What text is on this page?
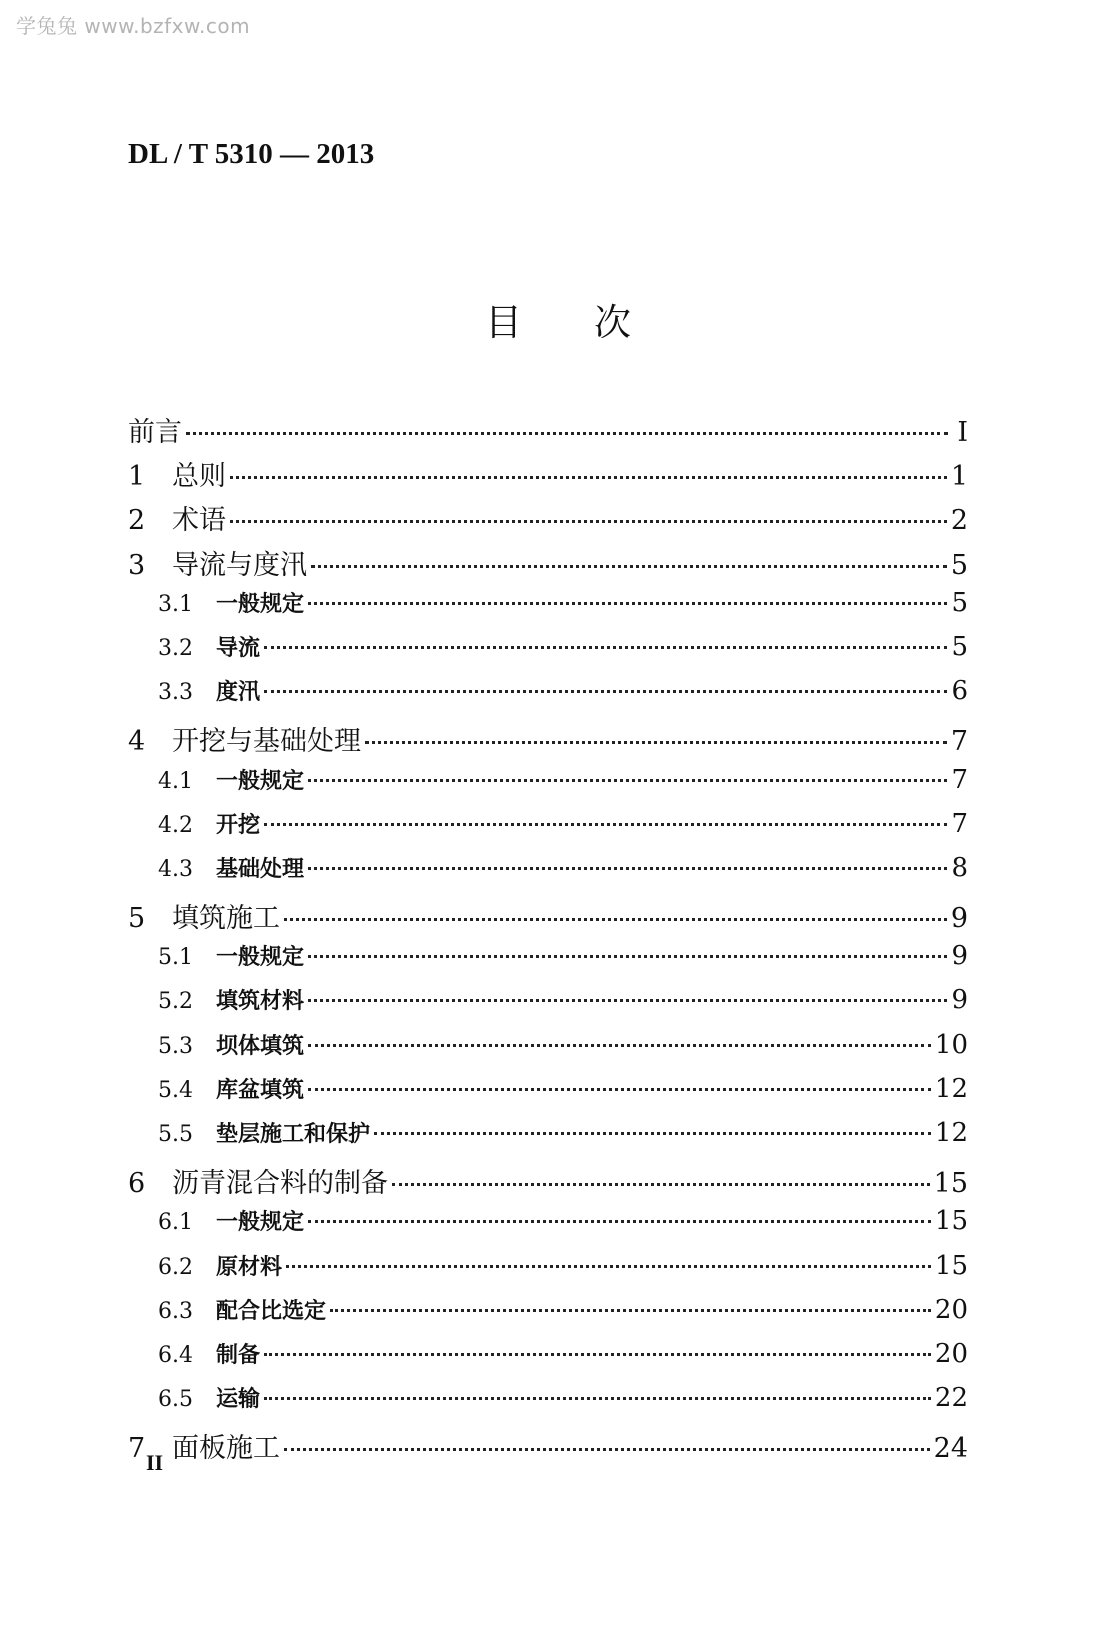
学兔兔 www.bzfxw.com
DL / T 5310 — 2013
目次
前言	I
1 总则	1
2 术语	2
3 导流与度汛	5
3.1	一般规定	5
3.2	导流	5
3.3	度汛	6
4 开挖与基础处理	7
4.1	一般规定	7
4.2	开挖	7
4.3	基础处理	8
5 填筑施工	9
5.1	一般规定	9
5.2	填筑材料	9
5.3	坝体填筑	10
5.4	库盆填筑	12
5.5	垫层施工和保护	12
6 沥青混合料的制备	15
6.1	一般规定	15
6.2	原材料	15
6.3	配合比选定	20
6.4	制备	20
6.5	运输	22
7 面板施工	24
II
